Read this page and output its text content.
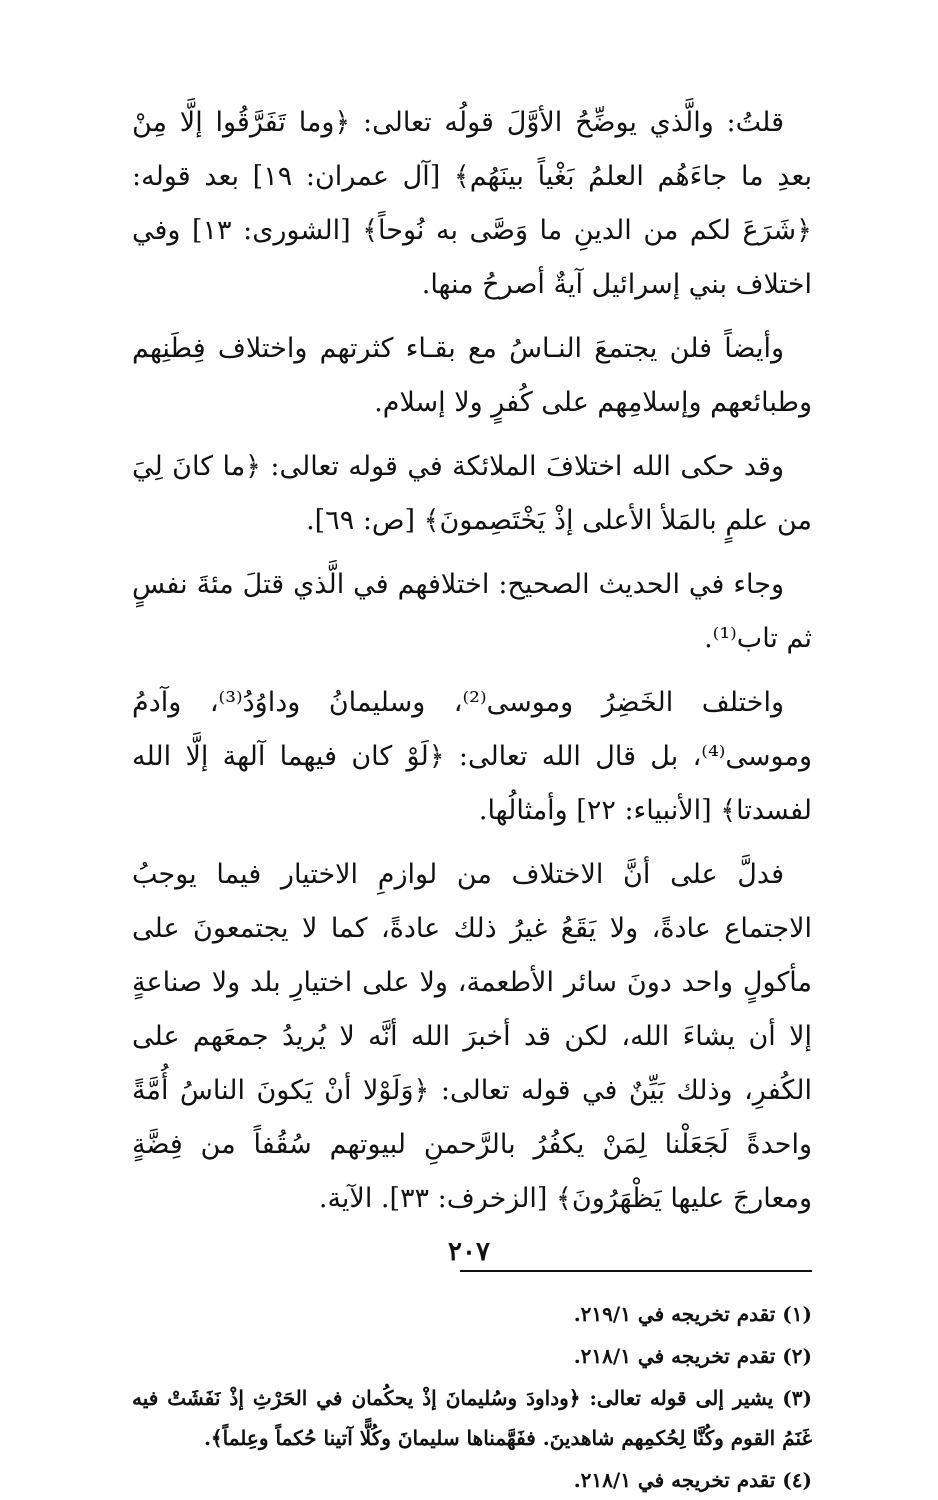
قلتُ: والَّذي يوضِّحُ الأوَّلَ قولُه تعالى: ﴿وما تَفَرَّقُوا إلَّا مِنْ بعدِ ما جاءَهُم العلمُ بَغْياً بينَهُم﴾ [آل عمران: ١٩] بعد قوله: ﴿شَرَعَ لكم من الدينِ ما وَصَّى به نُوحاً﴾ [الشورى: ١٣] وفي اختلاف بني إسرائيل آيةٌ أصرحُ منها.

وأيضاً فلن يجتمعَ النـاسُ مع بقـاء كثرتهم واختلاف فِطَنِهم وطبائعهم وإسلامِهم على كُفرٍ ولا إسلام.

وقد حكى الله اختلافَ الملائكة في قوله تعالى: ﴿ما كانَ لِيَ من علمٍ بالمَلأ الأعلى إذْ يَخْتَصِمونَ﴾ [ص: ٦٩].

وجاء في الحديث الصحيح: اختلافهم في الَّذي قتلَ مئةَ نفسٍ ثم تاب⁽¹⁾.

واختلف الخَضِرُ وموسى⁽²⁾، وسليمانُ وداوُدُ⁽³⁾، وآدمُ وموسى⁽⁴⁾، بل قال الله تعالى: ﴿لَوْ كان فيهما آلهة إلَّا الله لفسدتا﴾ [الأنبياء: ٢٢] وأمثالُها.

فدلَّ على أنَّ الاختلاف من لوازمِ الاختيار فيما يوجبُ الاجتماع عادةً، ولا يَقَعُ غيرُ ذلك عادةً، كما لا يجتمعونَ على مأكولٍ واحد دونَ سائر الأطعمة، ولا على اختيارِ بلد ولا صناعةٍ إلا أن يشاءَ الله، لكن قد أخبرَ الله أنَّه لا يُريدُ جمعَهم على الكُفرِ، وذلك بَيِّنٌ في قوله تعالى: ﴿وَلَوْلا أنْ يَكونَ الناسُ أُمَّةً واحدةً لَجَعَلْنا لِمَنْ يكفُرُ بالرَّحمنِ لبيوتهم سُقُفاً من فِضَّةٍ ومعارجَ عليها يَظْهَرُونَ﴾ [الزخرف: ٣٣]. الآية.

(١) تقدم تخريجه في ٢١٩/١.

(٢) تقدم تخريجه في ٢١٨/١.

(٣) يشير إلى قوله تعالى: ﴿وداودَ وسُليمانَ إذْ يحكُمان في الحَرْثِ إذْ نَفَشَتْ فيه غَنَمُ القوم وكُنَّا لِحُكمِهم شاهدينَ. ففَهَّمناها سليمانَ وكُلًّا آتينا حُكماً وعِلماً﴾.

(٤) تقدم تخريجه في ٢١٨/١.

٢٠٧
